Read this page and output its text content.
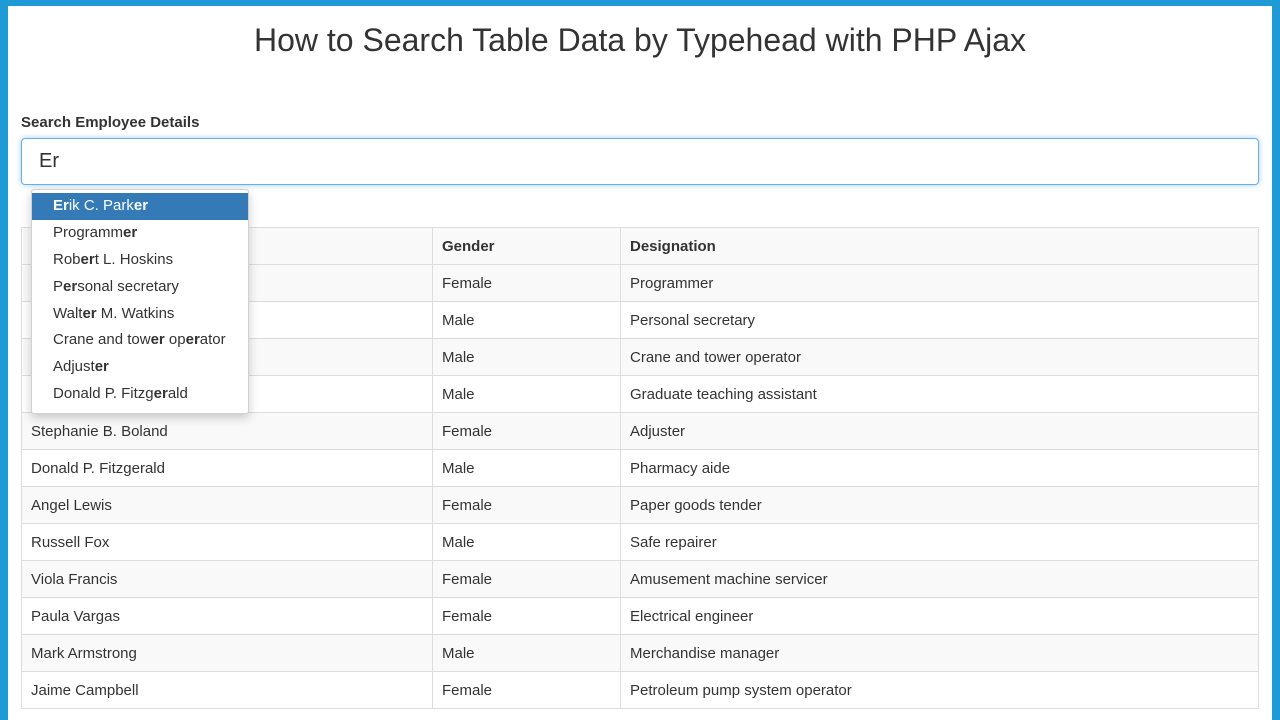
How to Search Table Data by Typehead with PHP Ajax
Search Employee Details
Er
	Gender	Designation
	Female	Programmer
	Male	Personal secretary
	Male	Crane and tower operator
	Male	Graduate teaching assistant
Stephanie B. Boland	Female	Adjuster
Donald P. Fitzgerald	Male	Pharmacy aide
Angel Lewis	Female	Paper goods tender
Russell Fox	Male	Safe repairer
Viola Francis	Female	Amusement machine servicer
Paula Vargas	Female	Electrical engineer
Mark Armstrong	Male	Merchandise manager
Jaime Campbell	Female	Petroleum pump system operator
Erik C. Parker
Programmer
Robert L. Hoskins
Personal secretary
Walter M. Watkins
Crane and tower operator
Adjuster
Donald P. Fitzgerald
